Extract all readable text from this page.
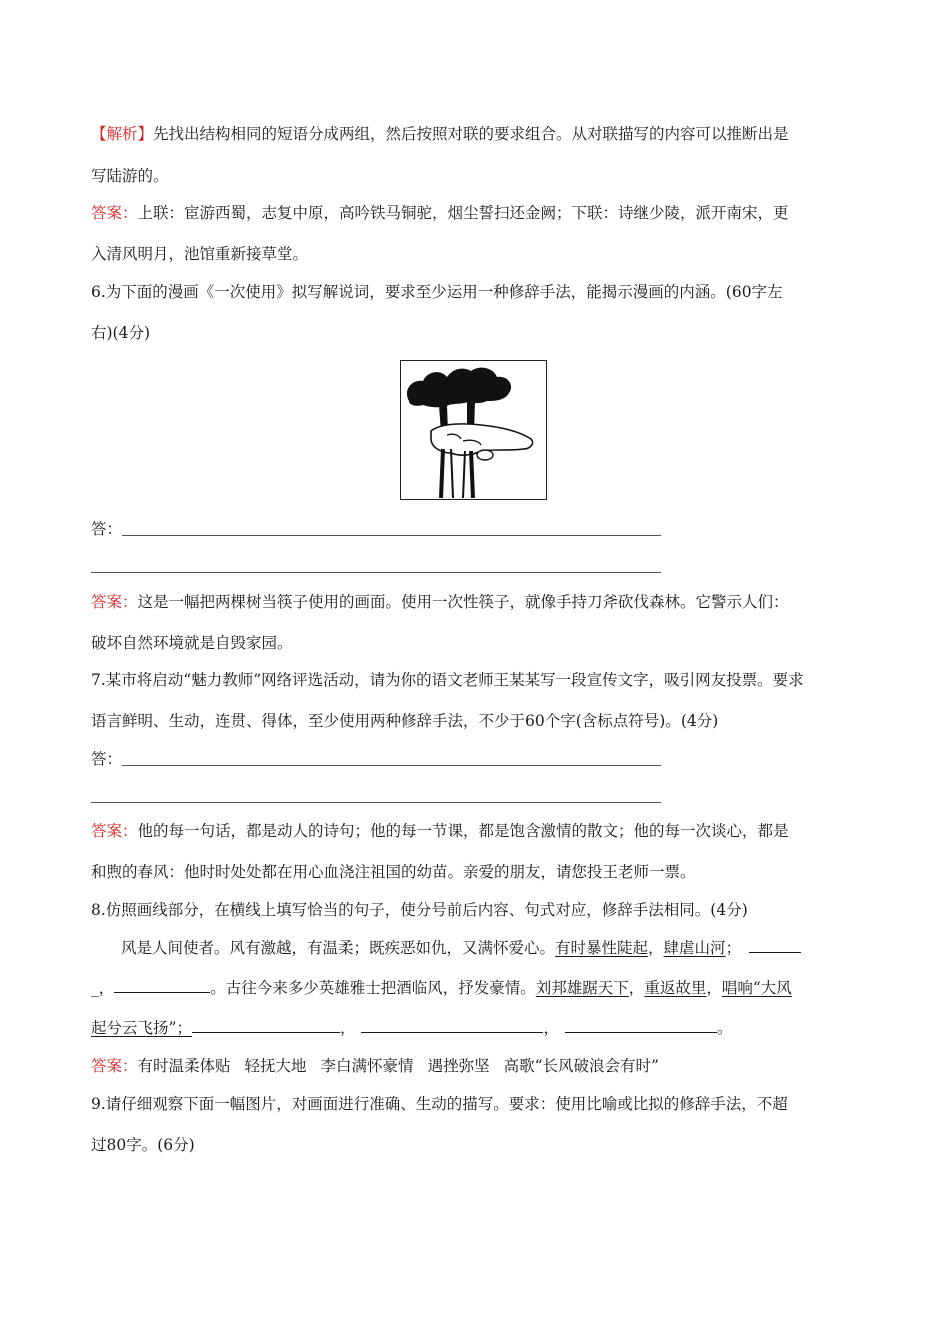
【解析】先找出结构相同的短语分成两组，然后按照对联的要求组合。从对联描写的内容可以推断出是
写陆游的。
答案：上联：宦游西蜀，志复中原，高吟铁马铜驼，烟尘誓扫还金阙；下联：诗继少陵，派开南宋，更
入清风明月，池馆重新接草堂。
6.为下面的漫画《一次使用》拟写解说词，要求至少运用一种修辞手法，能揭示漫画的内涵。(60字左
右)(4分)
答：
答案：这是一幅把两棵树当筷子使用的画面。使用一次性筷子，就像手持刀斧砍伐森林。它警示人们：
破坏自然环境就是自毁家园。
7.某市将启动“魅力教师”网络评选活动，请为你的语文老师王某某写一段宣传文字，吸引网友投票。要求
语言鲜明、生动，连贯、得体，至少使用两种修辞手法，不少于60个字(含标点符号)。(4分)
答：
答案：他的每一句话，都是动人的诗句；他的每一节课，都是饱含激情的散文；他的每一次谈心，都是
和煦的春风：他时时处处都在用心血浇注祖国的幼苗。亲爱的朋友，请您投王老师一票。
8.仿照画线部分，在横线上填写恰当的句子，使分号前后内容、句式对应，修辞手法相同。(4分)
风是人间使者。风有激越，有温柔；既疾恶如仇，又满怀爱心。有时暴性陡起，肆虐山河；
_，	。古往今来多少英雄雅士把酒临风，抒发豪情。刘邦雄踞天下，重返故里，唱响“大风
起兮云飞扬”；	，	，	。
答案：有时温柔体贴 轻抚大地 李白满怀豪情 遇挫弥坚 高歌“长风破浪会有时”
9.请仔细观察下面一幅图片，对画面进行准确、生动的描写。要求：使用比喻或比拟的修辞手法，不超
过80字。(6分)
